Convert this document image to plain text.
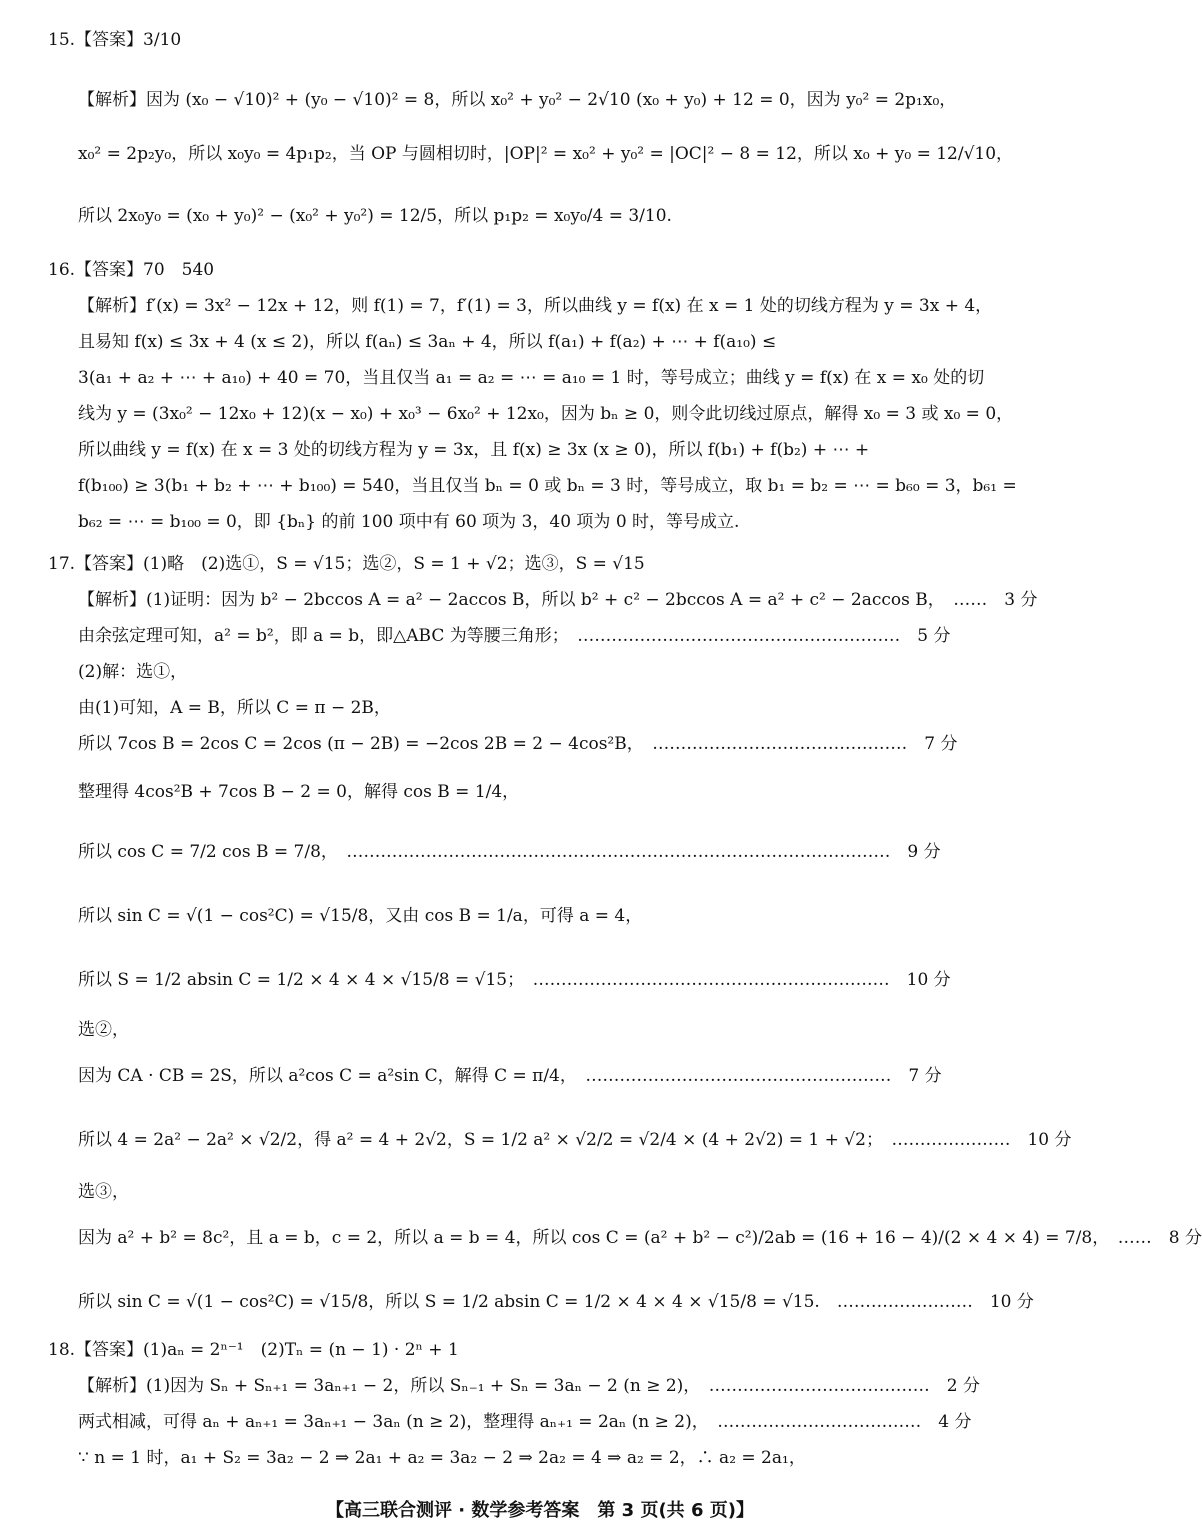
15.【答案】3/10
【解析】因为 (x₀ − √10)² + (y₀ − √10)² = 8，所以 x₀² + y₀² − 2√10 (x₀ + y₀) + 12 = 0，因为 y₀² = 2p₁x₀，
x₀² = 2p₂y₀，所以 x₀y₀ = 4p₁p₂，当 OP 与圆相切时，|OP|² = x₀² + y₀² = |OC|² − 8 = 12，所以 x₀ + y₀ = 12/√10，
所以 2x₀y₀ = (x₀ + y₀)² − (x₀² + y₀²) = 12/5，所以 p₁p₂ = x₀y₀/4 = 3/10.
16.【答案】70　540
【解析】f′(x) = 3x² − 12x + 12，则 f(1) = 7，f′(1) = 3，所以曲线 y = f(x) 在 x = 1 处的切线方程为 y = 3x + 4，
且易知 f(x) ≤ 3x + 4 (x ≤ 2)，所以 f(aₙ) ≤ 3aₙ + 4，所以 f(a₁) + f(a₂) + ⋯ + f(a₁₀) ≤
3(a₁ + a₂ + ⋯ + a₁₀) + 40 = 70，当且仅当 a₁ = a₂ = ⋯ = a₁₀ = 1 时，等号成立；曲线 y = f(x) 在 x = x₀ 处的切
线为 y = (3x₀² − 12x₀ + 12)(x − x₀) + x₀³ − 6x₀² + 12x₀，因为 bₙ ≥ 0，则令此切线过原点，解得 x₀ = 3 或 x₀ = 0，
所以曲线 y = f(x) 在 x = 3 处的切线方程为 y = 3x，且 f(x) ≥ 3x (x ≥ 0)，所以 f(b₁) + f(b₂) + ⋯ +
f(b₁₀₀) ≥ 3(b₁ + b₂ + ⋯ + b₁₀₀) = 540，当且仅当 bₙ = 0 或 bₙ = 3 时，等号成立，取 b₁ = b₂ = ⋯ = b₆₀ = 3，b₆₁ =
b₆₂ = ⋯ = b₁₀₀ = 0，即 {bₙ} 的前 100 项中有 60 项为 3，40 项为 0 时，等号成立.
17.【答案】(1)略　(2)选①，S = √15；选②，S = 1 + √2；选③，S = √15
【解析】(1)证明：因为 b² − 2bccos A = a² − 2accos B，所以 b² + c² − 2bccos A = a² + c² − 2accos B，　……　3 分
由余弦定理可知，a² = b²，即 a = b，即△ABC 为等腰三角形；　…………………………………………………　5 分
(2)解：选①，
由(1)可知，A = B，所以 C = π − 2B，
所以 7cos B = 2cos C = 2cos (π − 2B) = −2cos 2B = 2 − 4cos²B，　………………………………………　7 分
整理得 4cos²B + 7cos B − 2 = 0，解得 cos B = 1/4，
所以 cos C = 7/2 cos B = 7/8，　……………………………………………………………………………………　9 分
所以 sin C = √(1 − cos²C) = √15/8，又由 cos B = 1/a，可得 a = 4，
所以 S = 1/2 absin C = 1/2 × 4 × 4 × √15/8 = √15；　………………………………………………………　10 分
选②，
因为 CA · CB = 2S，所以 a²cos C = a²sin C，解得 C = π/4，　………………………………………………　7 分
所以 4 = 2a² − 2a² × √2/2，得 a² = 4 + 2√2，S = 1/2 a² × √2/2 = √2/4 × (4 + 2√2) = 1 + √2；　…………………　10 分
选③，
因为 a² + b² = 8c²，且 a = b，c = 2，所以 a = b = 4，所以 cos C = (a² + b² − c²)/2ab = (16 + 16 − 4)/(2 × 4 × 4) = 7/8，　……　8 分
所以 sin C = √(1 − cos²C) = √15/8，所以 S = 1/2 absin C = 1/2 × 4 × 4 × √15/8 = √15.　……………………　10 分
18.【答案】(1)aₙ = 2ⁿ⁻¹　(2)Tₙ = (n − 1) · 2ⁿ + 1
【解析】(1)因为 Sₙ + Sₙ₊₁ = 3aₙ₊₁ − 2，所以 Sₙ₋₁ + Sₙ = 3aₙ − 2 (n ≥ 2)，　…………………………………　2 分
两式相减，可得 aₙ + aₙ₊₁ = 3aₙ₊₁ − 3aₙ (n ≥ 2)，整理得 aₙ₊₁ = 2aₙ (n ≥ 2)，　………………………………　4 分
∵ n = 1 时，a₁ + S₂ = 3a₂ − 2 ⇒ 2a₁ + a₂ = 3a₂ − 2 ⇒ 2a₂ = 4 ⇒ a₂ = 2，∴ a₂ = 2a₁，
【高三联合测评 · 数学参考答案　第 3 页(共 6 页)】
